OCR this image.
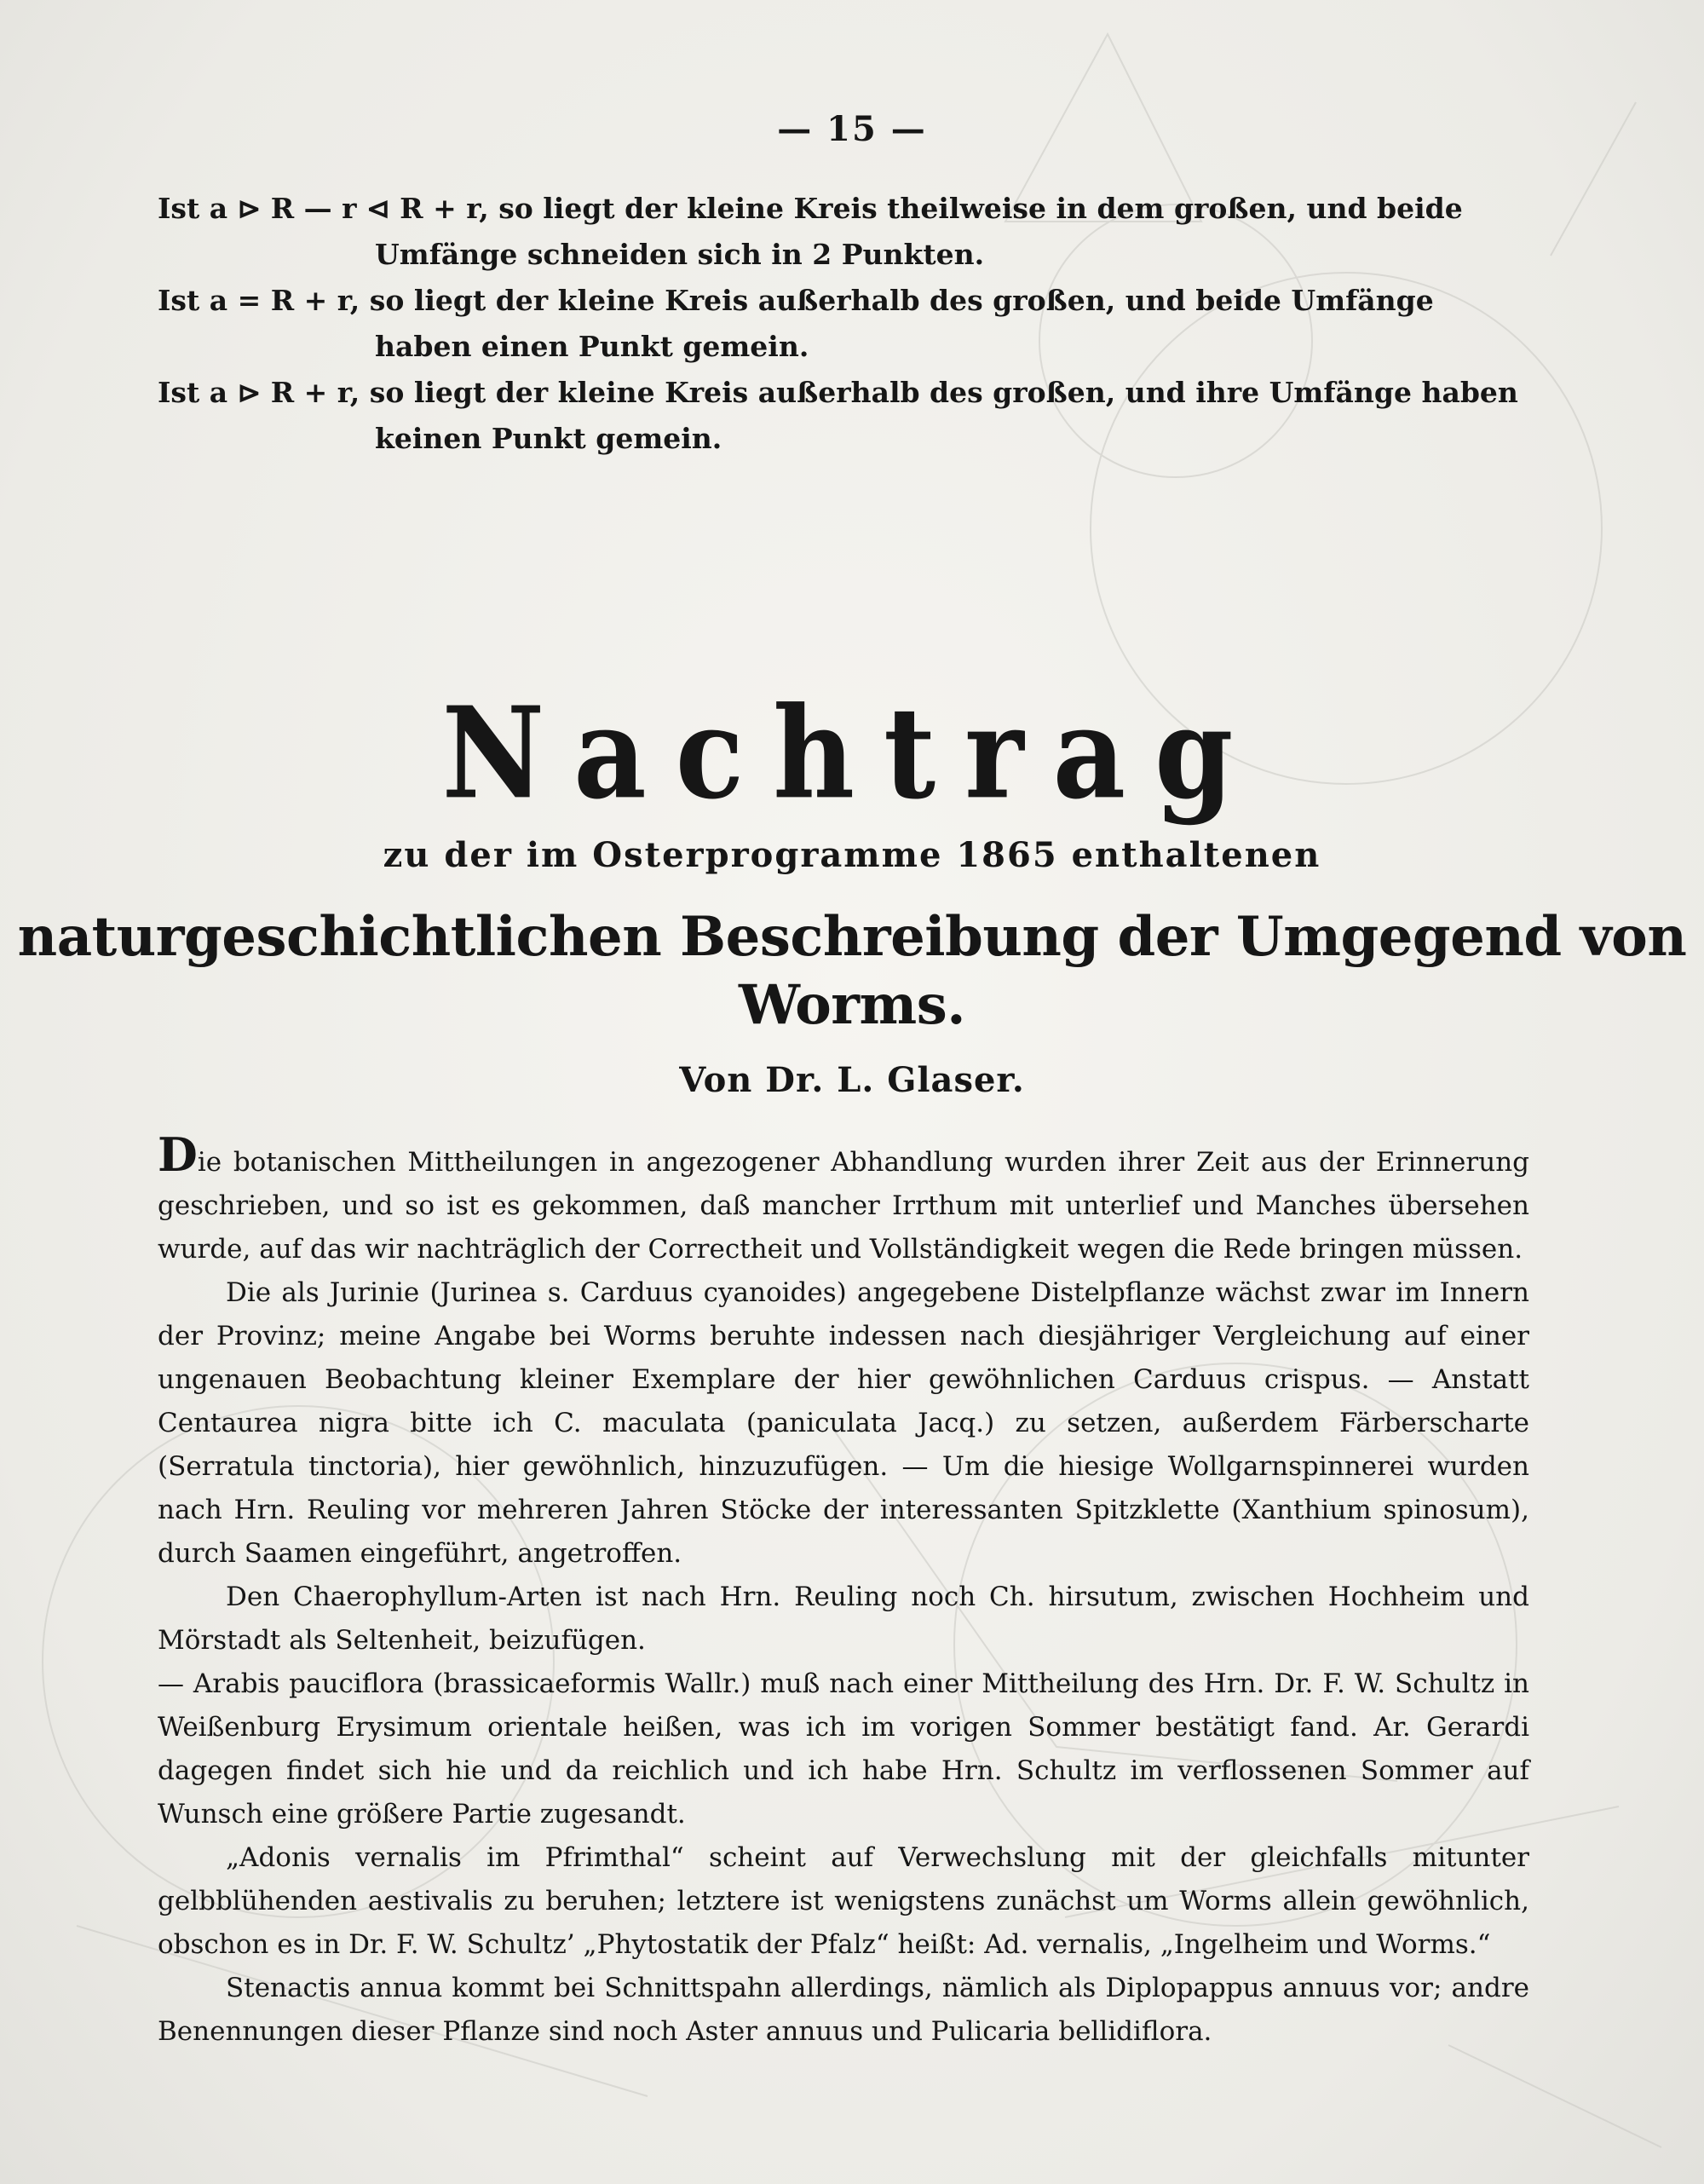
— 15 —

Ist a ⊳ R — r ⊲ R + r, so liegt der kleine Kreis theilweise in dem großen, und beide Umfänge schneiden sich in 2 Punkten.

Ist a = R + r, so liegt der kleine Kreis außerhalb des großen, und beide Umfänge haben einen Punkt gemein.

Ist a ⊳ R + r, so liegt der kleine Kreis außerhalb des großen, und ihre Umfänge haben keinen Punkt gemein.

Nachtrag
zu der im Osterprogramme 1865 enthaltenen
naturgeschichtlichen Beschreibung der Umgegend von Worms.
Von Dr. L. Glaser.

Die botanischen Mittheilungen in angezogener Abhandlung wurden ihrer Zeit aus der Erinnerung geschrieben, und so ist es gekommen, daß mancher Irrthum mit unterlief und Manches übersehen wurde, auf das wir nachträglich der Correctheit und Vollständigkeit wegen die Rede bringen müssen.

Die als Jurinie (Jurinea s. Carduus cyanoides) angegebene Distelpflanze wächst zwar im Innern der Provinz; meine Angabe bei Worms beruhte indessen nach diesjähriger Vergleichung auf einer ungenauen Beobachtung kleiner Exemplare der hier gewöhnlichen Carduus crispus. — Anstatt Centaurea nigra bitte ich C. maculata (paniculata Jacq.) zu setzen, außerdem Färberscharte (Serratula tinctoria), hier gewöhnlich, hinzuzufügen. — Um die hiesige Wollgarnspinnerei wurden nach Hrn. Reuling vor mehreren Jahren Stöcke der interessanten Spitzklette (Xanthium spinosum), durch Saamen eingeführt, angetroffen.

Den Chaerophyllum-Arten ist nach Hrn. Reuling noch Ch. hirsutum, zwischen Hochheim und Mörstadt als Seltenheit, beizufügen.

— Arabis pauciflora (brassicaeformis Wallr.) muß nach einer Mittheilung des Hrn. Dr. F. W. Schultz in Weißenburg Erysimum orientale heißen, was ich im vorigen Sommer bestätigt fand. Ar. Gerardi dagegen findet sich hie und da reichlich und ich habe Hrn. Schultz im verflossenen Sommer auf Wunsch eine größere Partie zugesandt.

„Adonis vernalis im Pfrimthal“ scheint auf Verwechslung mit der gleichfalls mitunter gelbblühenden aestivalis zu beruhen; letztere ist wenigstens zunächst um Worms allein gewöhnlich, obschon es in Dr. F. W. Schultz’ „Phytostatik der Pfalz“ heißt: Ad. vernalis, „Ingelheim und Worms.“

Stenactis annua kommt bei Schnittspahn allerdings, nämlich als Diplopappus annuus vor; andre Benennungen dieser Pflanze sind noch Aster annuus und Pulicaria bellidiflora.
